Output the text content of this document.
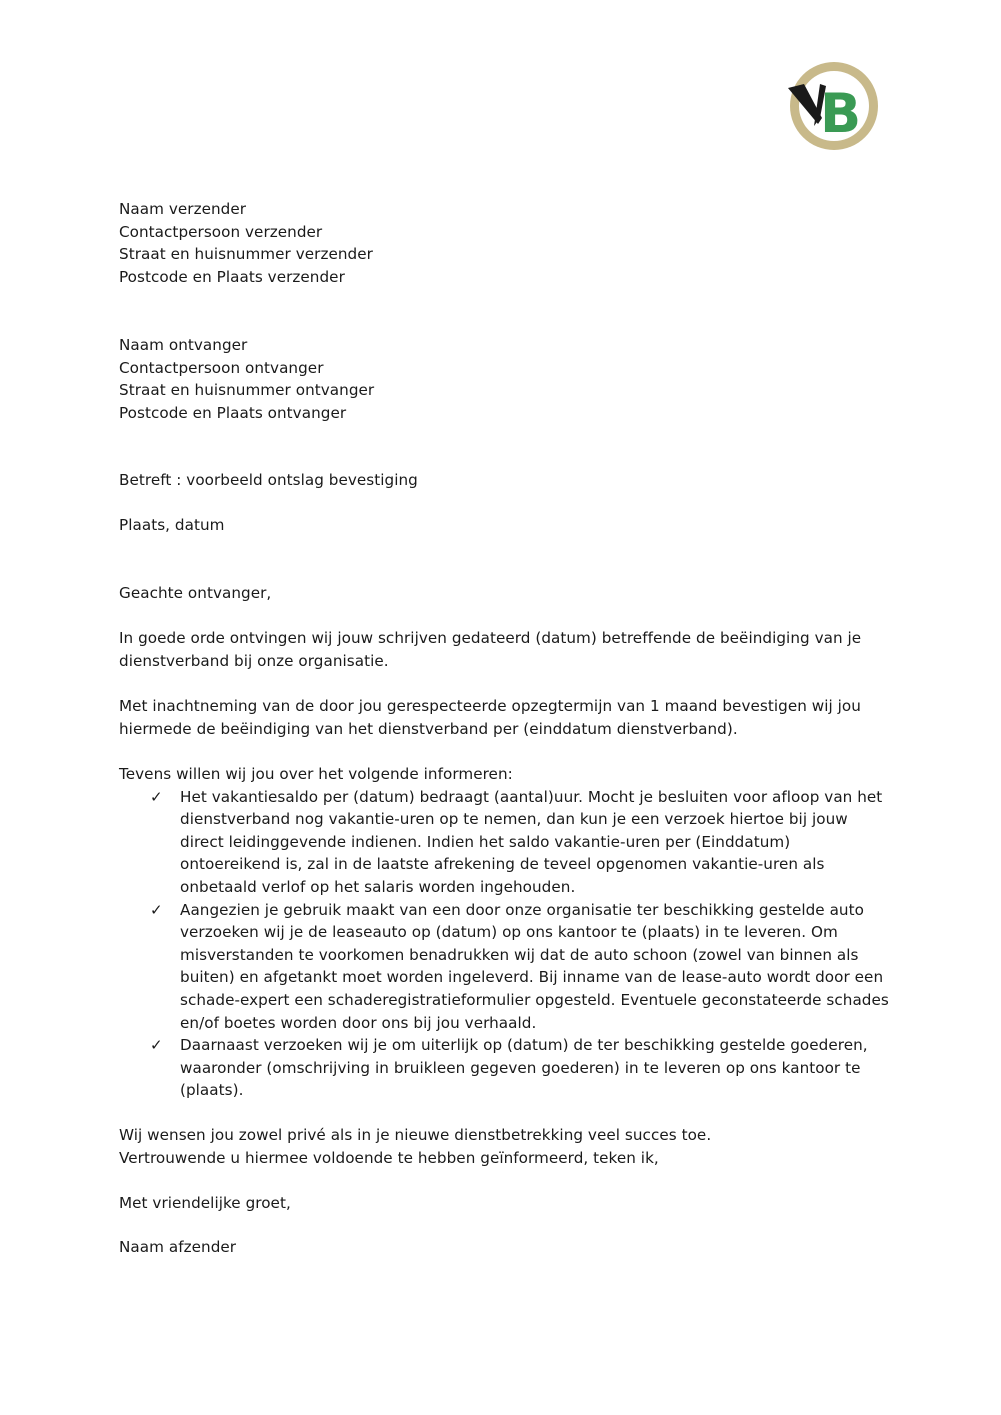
B
Naam verzender
Contactpersoon verzender
Straat en huisnummer verzender
Postcode en Plaats verzender
Naam ontvanger
Contactpersoon ontvanger
Straat en huisnummer ontvanger
Postcode en Plaats ontvanger
Betreft : voorbeeld ontslag bevestiging
Plaats, datum
Geachte ontvanger,
In goede orde ontvingen wij jouw schrijven gedateerd (datum) betreffende de beëindiging van je
dienstverband bij onze organisatie.
Met inachtneming van de door jou gerespecteerde opzegtermijn van 1 maand bevestigen wij jou
hiermede de beëindiging van het dienstverband per (einddatum dienstverband).
Tevens willen wij jou over het volgende informeren:
✓ Het vakantiesaldo per (datum) bedraagt (aantal)uur. Mocht je besluiten voor afloop van het
dienstverband nog vakantie-uren op te nemen, dan kun je een verzoek hiertoe bij jouw
direct leidinggevende indienen. Indien het saldo vakantie-uren per (Einddatum)
ontoereikend is, zal in de laatste afrekening de teveel opgenomen vakantie-uren als
onbetaald verlof op het salaris worden ingehouden.
✓ Aangezien je gebruik maakt van een door onze organisatie ter beschikking gestelde auto
verzoeken wij je de leaseauto op (datum) op ons kantoor te (plaats) in te leveren. Om
misverstanden te voorkomen benadrukken wij dat de auto schoon (zowel van binnen als
buiten) en afgetankt moet worden ingeleverd. Bij inname van de lease-auto wordt door een
schade-expert een schaderegistratieformulier opgesteld. Eventuele geconstateerde schades
en/of boetes worden door ons bij jou verhaald.
✓ Daarnaast verzoeken wij je om uiterlijk op (datum) de ter beschikking gestelde goederen,
waaronder (omschrijving in bruikleen gegeven goederen) in te leveren op ons kantoor te
(plaats).
Wij wensen jou zowel privé als in je nieuwe dienstbetrekking veel succes toe.
Vertrouwende u hiermee voldoende te hebben geïnformeerd, teken ik,
Met vriendelijke groet,
Naam afzender
